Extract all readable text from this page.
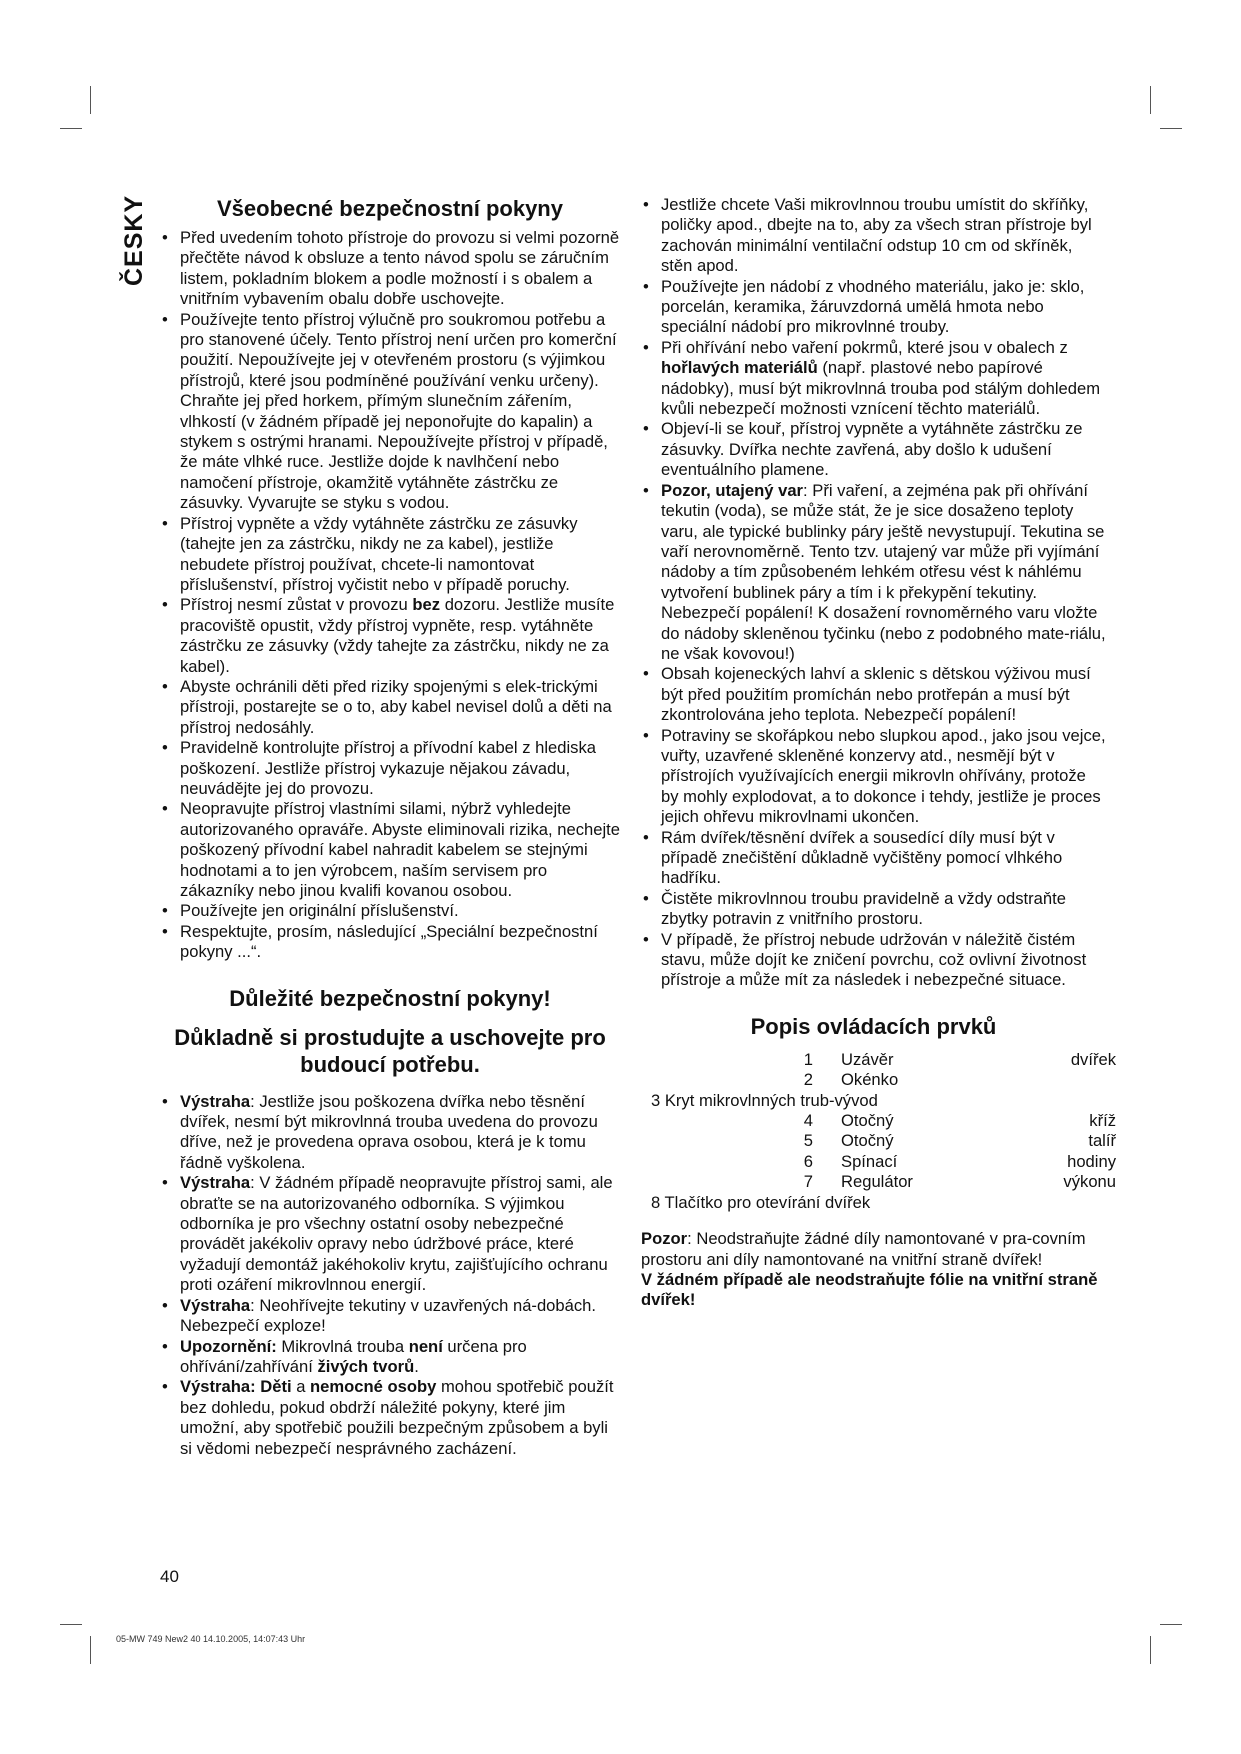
ČESKY	Všeobecné bezpečnostní pokyny
• Před uvedením tohoto přístroje do provozu si velmi pozorně přečtěte návod k obsluze a tento návod spolu se záručním listem, pokladním blokem a podle možností i s obalem a vnitřním vybavením obalu dobře uschovejte.
• Používejte tento přístroj výlučně pro soukromou potřebu a pro stanovené účely. Tento přístroj není určen pro komerční použití. Nepoužívejte jej v otevřeném prostoru (s výjimkou přístrojů, které jsou podmíněné používání venku určeny). Chraňte jej před horkem, přímým slunečním zářením, vlhkostí (v žádném případě jej neponořujte do kapalin) a stykem s ostrými hranami. Nepoužívejte přístroj v případě, že máte vlhké ruce. Jestliže dojde k navlhčení nebo namočení přístroje, okamžitě vytáhněte zástrčku ze zásuvky. Vyvarujte se styku s vodou.
• Přístroj vypněte a vždy vytáhněte zástrčku ze zásuvky (tahejte jen za zástrčku, nikdy ne za kabel), jestliže nebudete přístroj používat, chcete-li namontovat příslušenství, přístroj vyčistit nebo v případě poruchy.
• Přístroj nesmí zůstat v provozu bez dozoru. Jestliže musíte pracoviště opustit, vždy přístroj vypněte, resp. vytáhněte zástrčku ze zásuvky (vždy tahejte za zástrčku, nikdy ne za kabel).
• Abyste ochránili děti před riziky spojenými s elek-trickými přístroji, postarejte se o to, aby kabel nevisel dolů a děti na přístroj nedosáhly.
• Pravidelně kontrolujte přístroj a přívodní kabel z hlediska poškození. Jestliže přístroj vykazuje nějakou závadu, neuvádějte jej do provozu.
• Neopravujte přístroj vlastními silami, nýbrž vyhledejte autorizovaného opraváře. Abyste eliminovali rizika, nechejte poškozený přívodní kabel nahradit kabelem se stejnými hodnotami a to jen výrobcem, naším servisem pro zákazníky nebo jinou kvalifi kovanou osobou.
• Používejte jen originální příslušenství.
• Respektujte, prosím, následující „Speciální bezpečnostní pokyny ...“.
Důležité bezpečnostní pokyny!
Důkladně si prostudujte a uschovejte pro budoucí potřebu.
• Výstraha: Jestliže jsou poškozena dvířka nebo těsnění dvířek, nesmí být mikrovlnná trouba uvedena do provozu dříve, než je provedena oprava osobou, která je k tomu řádně vyškolena.
• Výstraha: V žádném případě neopravujte přístroj sami, ale obraťte se na autorizovaného odborníka. S výjimkou odborníka je pro všechny ostatní osoby nebezpečné provádět jakékoliv opravy nebo údržbové práce, které vyžadují demontáž jakéhokoliv krytu, zajišťujícího ochranu proti ozáření mikrovlnnou energií.
• Výstraha: Neohřívejte tekutiny v uzavřených ná-dobách. Nebezpečí exploze!
• Upozornění: Mikrovlná trouba není určena pro ohřívání/zahřívání živých tvorů.
• Výstraha: Děti a nemocné osoby mohou spotřebič použít bez dohledu, pokud obdrží náležité pokyny, které jim umožní, aby spotřebič použili bezpečným způsobem a byli si vědomi nebezpečí nesprávného zacházení.
• Jestliže chcete Vaši mikrovlnnou troubu umístit do skříňky, poličky apod., dbejte na to, aby za všech stran přístroje byl zachován minimální ventilační odstup 10 cm od skříněk, stěn apod.
• Používejte jen nádobí z vhodného materiálu, jako je: sklo, porcelán, keramika, žáruvzdorná umělá hmota nebo speciální nádobí pro mikrovlnné trouby.
• Při ohřívání nebo vaření pokrmů, které jsou v obalech z hořlavých materiálů (např. plastové nebo papírové nádobky), musí být mikrovlnná trouba pod stálým dohledem kvůli nebezpečí možnosti vznícení těchto materiálů.
• Objeví-li se kouř, přístroj vypněte a vytáhněte zástrčku ze zásuvky. Dvířka nechte zavřená, aby došlo k udušení eventuálního plamene.
• Pozor, utajený var: Při vaření, a zejména pak při ohřívání tekutin (voda), se může stát, že je sice dosaženo teploty varu, ale typické bublinky páry ještě nevystupují. Tekutina se vaří nerovnoměrně. Tento tzv. utajený var může při vyjímání nádoby a tím způsobeném lehkém otřesu vést k náhlému vytvoření bublinek páry a tím i k překypění tekutiny. Nebezpečí popálení! K dosažení rovnoměrného varu vložte do nádoby skleněnou tyčinku (nebo z podobného mate-riálu, ne však kovovou!)
• Obsah kojeneckých lahví a sklenic s dětskou výživou musí být před použitím promíchán nebo protřepán a musí být zkontrolována jeho teplota. Nebezpečí popálení!
• Potraviny se skořápkou nebo slupkou apod., jako jsou vejce, vuřty, uzavřené skleněné konzervy atd., nesmějí být v přístrojích využívajících energii mikrovln ohřívány, protože by mohly explodovat, a to dokonce i tehdy, jestliže je proces jejich ohřevu mikrovlnami ukončen.
• Rám dvířek/těsnění dvířek a sousedící díly musí být v případě znečištění důkladně vyčištěny pomocí vlhkého hadříku.
• Čistěte mikrovlnnou troubu pravidelně a vždy odstraňte zbytky potravin z vnitřního prostoru.
• V případě, že přístroj nebude udržován v náležitě čistém stavu, může dojít ke zničení povrchu, což ovlivní životnost přístroje a může mít za následek i nebezpečné situace.
Popis ovládacích prvků
1	Uzávěr	dvířek
2	Okénko
3 Kryt mikrovlnných trub-vývod
4	Otočný	kříž
5	Otočný	talíř
6	Spínací	hodiny
7	Regulátor	výkonu
8 Tlačítko pro otevírání dvířek

Pozor: Neodstraňujte žádné díly namontované v pra-covním prostoru ani díly namontované na vnitřní straně dvířek!

V žádném případě ale neodstraňujte fólie na vnitřní straně dvířek!

40
05-MW 749 New2 40 14.10.2005, 14:07:43 Uhr
